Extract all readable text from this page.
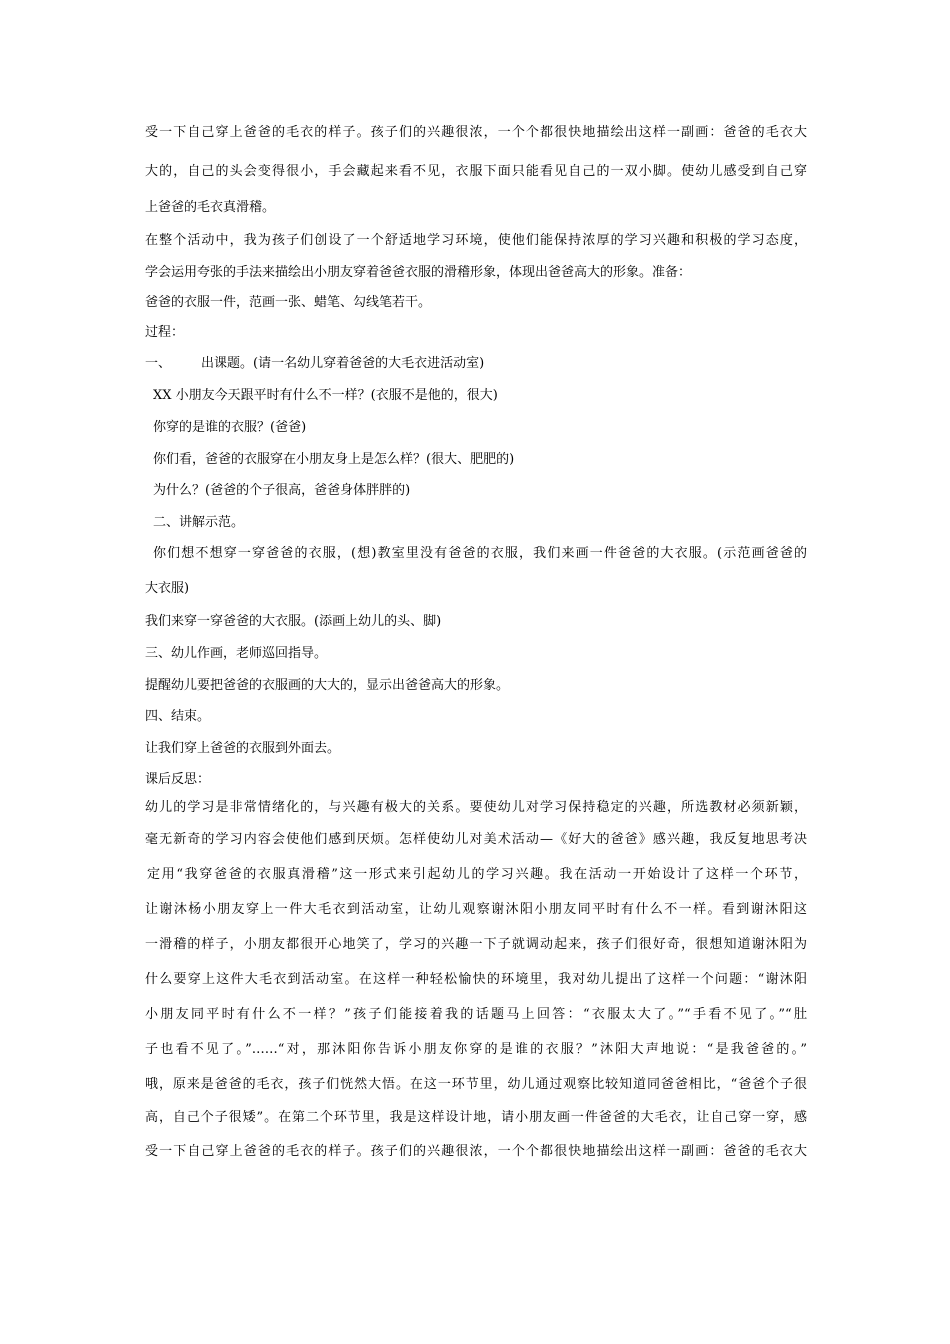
受一下自己穿上爸爸的毛衣的样子。孩子们的兴趣很浓，一个个都很快地描绘出这样一副画：爸爸的毛衣大

大的，自己的头会变得很小，手会藏起来看不见，衣服下面只能看见自己的一双小脚。使幼儿感受到自己穿

上爸爸的毛衣真滑稽。

在整个活动中，我为孩子们创设了一个舒适地学习环境，使他们能保持浓厚的学习兴趣和积极的学习态度，

学会运用夸张的手法来描绘出小朋友穿着爸爸衣服的滑稽形象，体现出爸爸高大的形象。准备：

爸爸的衣服一件，范画一张、蜡笔、勾线笔若干。

过程：

一、 出课题。(请一名幼儿穿着爸爸的大毛衣进活动室)

XX 小朋友今天跟平时有什么不一样？(衣服不是他的，很大)

你穿的是谁的衣服？(爸爸)

你们看，爸爸的衣服穿在小朋友身上是怎么样？(很大、肥肥的)

为什么？(爸爸的个子很高，爸爸身体胖胖的)

二、讲解示范。

你们想不想穿一穿爸爸的衣服，(想)教室里没有爸爸的衣服，我们来画一件爸爸的大衣服。(示范画爸爸的

大衣服)

我们来穿一穿爸爸的大衣服。(添画上幼儿的头、脚)

三、幼儿作画，老师巡回指导。

提醒幼儿要把爸爸的衣服画的大大的，显示出爸爸高大的形象。

四、结束。

让我们穿上爸爸的衣服到外面去。

课后反思：

幼儿的学习是非常情绪化的，与兴趣有极大的关系。要使幼儿对学习保持稳定的兴趣，所选教材必须新颖，

毫无新奇的学习内容会使他们感到厌烦。怎样使幼儿对美术活动—《好大的爸爸》感兴趣，我反复地思考决

定用“我穿爸爸的衣服真滑稽”这一形式来引起幼儿的学习兴趣。我在活动一开始设计了这样一个环节，

让谢沐杨小朋友穿上一件大毛衣到活动室，让幼儿观察谢沐阳小朋友同平时有什么不一样。看到谢沐阳这

一滑稽的样子，小朋友都很开心地笑了，学习的兴趣一下子就调动起来，孩子们很好奇，很想知道谢沐阳为

什么要穿上这件大毛衣到活动室。在这样一种轻松愉快的环境里，我对幼儿提出了这样一个问题：“谢沐阳

小朋友同平时有什么不一样？”孩子们能接着我的话题马上回答：“衣服太大了。”“手看不见了。”“肚

子也看不见了。”……“对，那沐阳你告诉小朋友你穿的是谁的衣服？”沐阳大声地说：“是我爸爸的。”

哦，原来是爸爸的毛衣，孩子们恍然大悟。在这一环节里，幼儿通过观察比较知道同爸爸相比，“爸爸个子很

高，自己个子很矮”。在第二个环节里，我是这样设计地，请小朋友画一件爸爸的大毛衣，让自己穿一穿，感

受一下自己穿上爸爸的毛衣的样子。孩子们的兴趣很浓，一个个都很快地描绘出这样一副画：爸爸的毛衣大
